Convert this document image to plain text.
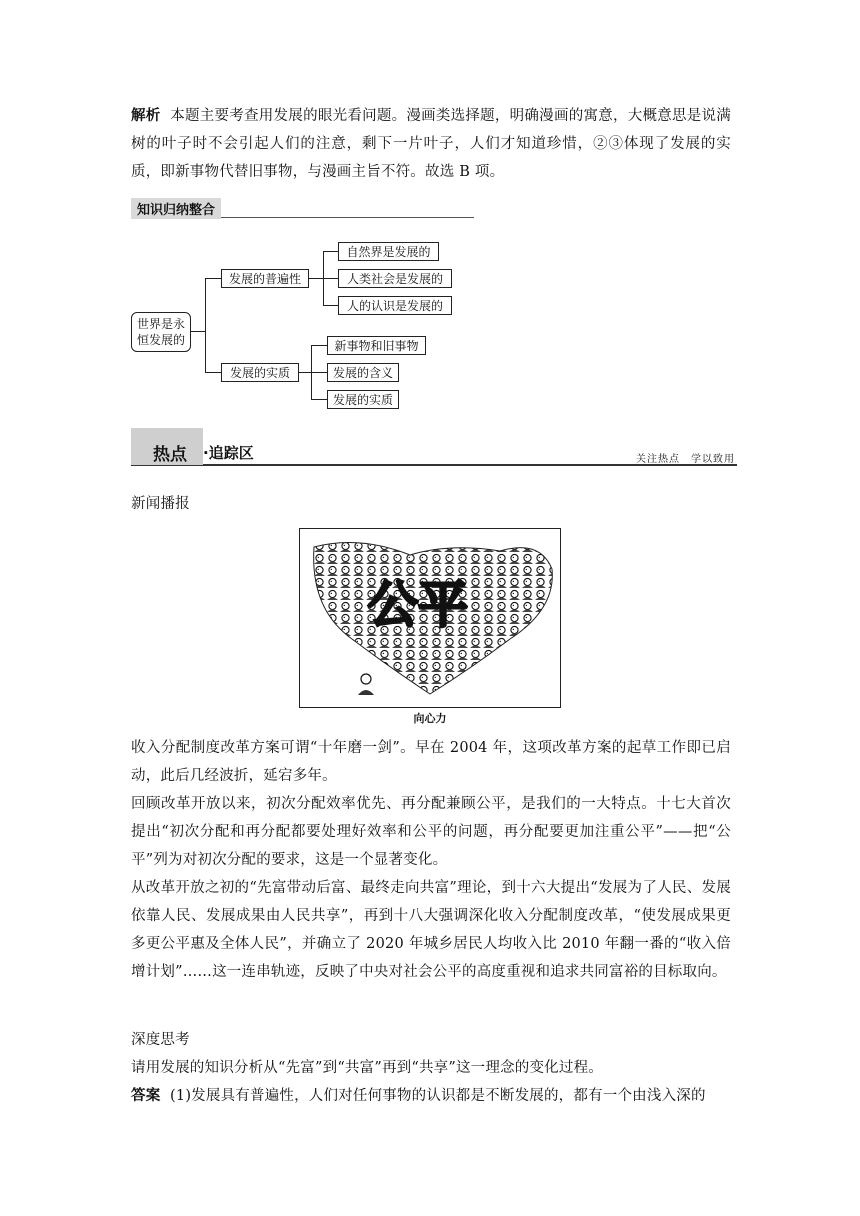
解析 本题主要考查用发展的眼光看问题。漫画类选择题，明确漫画的寓意，大概意思是说满树的叶子时不会引起人们的注意，剩下一片叶子，人们才知道珍惜，②③体现了发展的实质，即新事物代替旧事物，与漫画主旨不符。故选 B 项。
知识归纳整合
世界是永恒发展的
发展的普遍性
自然界是发展的
人类社会是发展的
人的认识是发展的
发展的实质
新事物和旧事物
发展的含义
发展的实质
热点 ·追踪区	关注热点　学以致用
新闻播报
公平
向心力
收入分配制度改革方案可谓“十年磨一剑”。早在 2004 年，这项改革方案的起草工作即已启动，此后几经波折，延宕多年。
回顾改革开放以来，初次分配效率优先、再分配兼顾公平，是我们的一大特点。十七大首次提出“初次分配和再分配都要处理好效率和公平的问题，再分配要更加注重公平”——把“公平”列为对初次分配的要求，这是一个显著变化。
从改革开放之初的“先富带动后富、最终走向共富”理论，到十六大提出“发展为了人民、发展依靠人民、发展成果由人民共享”，再到十八大强调深化收入分配制度改革，“使发展成果更多更公平惠及全体人民”，并确立了 2020 年城乡居民人均收入比 2010 年翻一番的“收入倍增计划”……这一连串轨迹，反映了中央对社会公平的高度重视和追求共同富裕的目标取向。
深度思考
请用发展的知识分析从“先富”到“共富”再到“共享”这一理念的变化过程。
答案 (1)发展具有普遍性，人们对任何事物的认识都是不断发展的，都有一个由浅入深的
